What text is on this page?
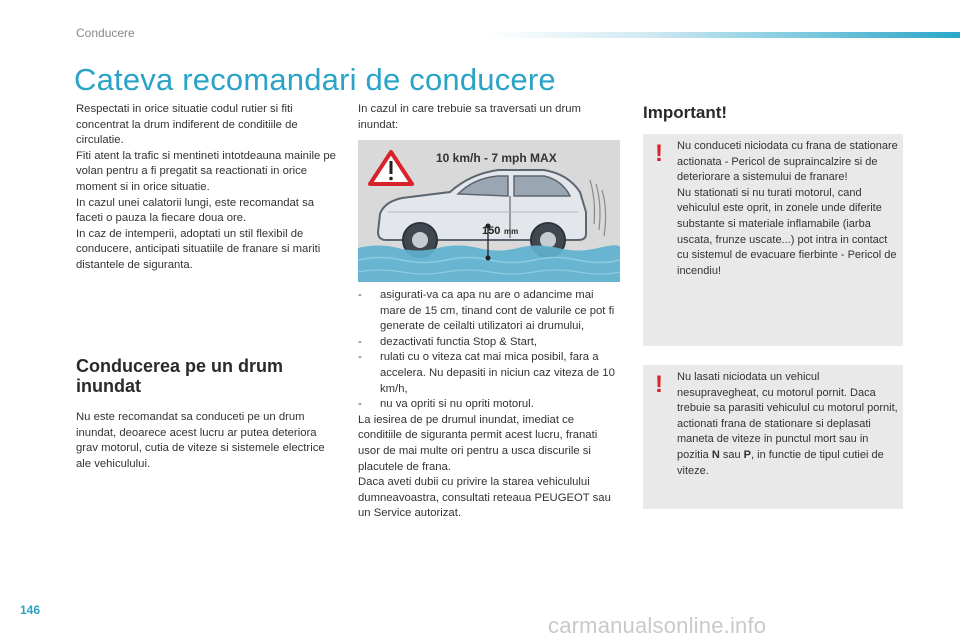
Conducere
Cateva recomandari de conducere

Respectati in orice situatie codul rutier si fiti concentrat la drum indiferent de conditiile de circulatie.

Fiti atent la trafic si mentineti intotdeauna mainile pe volan pentru a fi pregatit sa reactionati in orice moment si in orice situatie.

In cazul unei calatorii lungi, este recomandat sa faceti o pauza la fiecare doua ore.

In caz de intemperii, adoptati un stil flexibil de conducere, anticipati situatiile de franare si mariti distantele de siguranta.

Conducerea pe un drum inundat

Nu este recomandat sa conduceti pe un drum inundat, deoarece acest lucru ar putea deteriora grav motorul, cutia de viteze si sistemele electrice ale vehiculului.

In cazul in care trebuie sa traversati un drum inundat:

10 km/h - 7 mph MAX
150 mm
- asigurati-va ca apa nu are o adancime mai mare de 15 cm, tinand cont de valurile ce pot fi generate de ceilalti utilizatori ai drumului,
- dezactivati functia Stop & Start,
- rulati cu o viteza cat mai mica posibil, fara a accelera. Nu depasiti in niciun caz viteza de 10 km/h,
- nu va opriti si nu opriti motorul.

La iesirea de pe drumul inundat, imediat ce conditiile de siguranta permit acest lucru, franati usor de mai multe ori pentru a usca discurile si placutele de frana.

Daca aveti dubii cu privire la starea vehiculului dumneavoastra, consultati reteaua PEUGEOT sau un Service autorizat.

Important!
! Nu conduceti niciodata cu frana de stationare actionata - Pericol de supraincalzire si de deteriorare a sistemului de franare!

Nu stationati si nu turati motorul, cand vehiculul este oprit, in zonele unde diferite substante si materiale inflamabile (iarba uscata, frunze uscate...) pot intra in contact cu sistemul de evacuare fierbinte - Pericol de incendiu!

! Nu lasati niciodata un vehicul nesupravegheat, cu motorul pornit. Daca trebuie sa parasiti vehiculul cu motorul pornit, actionati frana de stationare si deplasati maneta de viteze in punctul mort sau in pozitia N sau P, in functie de tipul cutiei de viteze.

146
carmanualsonline.info
